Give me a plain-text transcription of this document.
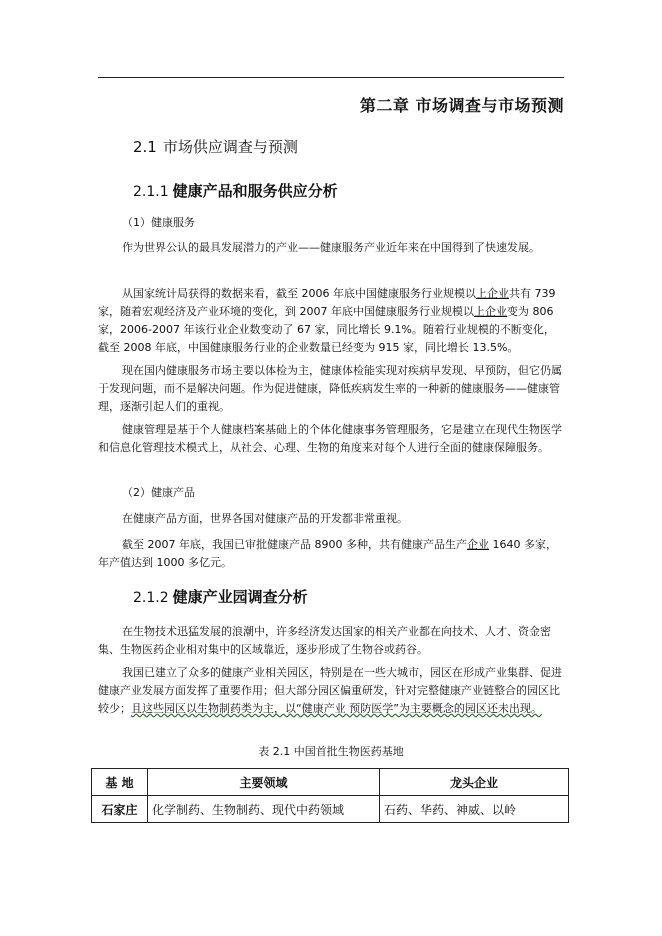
第二章 市场调查与市场预测
2.1 市场供应调查与预测
2.1.1 健康产品和服务供应分析

（1）健康服务

作为世界公认的最具发展潜力的产业——健康服务产业近年来在中国得到了快速发展。

从国家统计局获得的数据来看，截至 2006 年底中国健康服务行业规模以上企业共有 739 家，随着宏观经济及产业环境的变化，到 2007 年底中国健康服务行业规模以上企业变为 806 家，2006-2007 年该行业企业数变动了 67 家，同比增长 9.1%。随着行业规模的不断变化，截至 2008 年底，中国健康服务行业的企业数量已经变为 915 家，同比增长 13.5%。

现在国内健康服务市场主要以体检为主，健康体检能实现对疾病早发现、早预防，但它仍属于发现问题，而不是解决问题。作为促进健康，降低疾病发生率的一种新的健康服务——健康管理，逐渐引起人们的重视。

健康管理是基于个人健康档案基础上的个体化健康事务管理服务，它是建立在现代生物医学和信息化管理技术模式上，从社会、心理、生物的角度来对每个人进行全面的健康保障服务。

（2）健康产品

在健康产品方面，世界各国对健康产品的开发都非常重视。

截至 2007 年底，我国已审批健康产品 8900 多种，共有健康产品生产企业 1640 多家，年产值达到 1000 多亿元。

2.1.2 健康产业园调查分析

在生物技术迅猛发展的浪潮中，许多经济发达国家的相关产业都在向技术、人才、资金密集、生物医药企业相对集中的区域靠近，逐步形成了生物谷或药谷。

我国已建立了众多的健康产业相关园区，特别是在一些大城市，园区在形成产业集群、促进健康产业发展方面发挥了重要作用；但大部分园区偏重研发，针对完整健康产业链整合的园区比较少；且这些园区以生物制药类为主，以“健康产业 预防医学”为主要概念的园区还未出现。

表 2.1 中国首批生物医药基地
基 地	主要领域	龙头企业
石家庄	化学制药、生物制药、现代中药领域	石药、华药、神威、以岭
